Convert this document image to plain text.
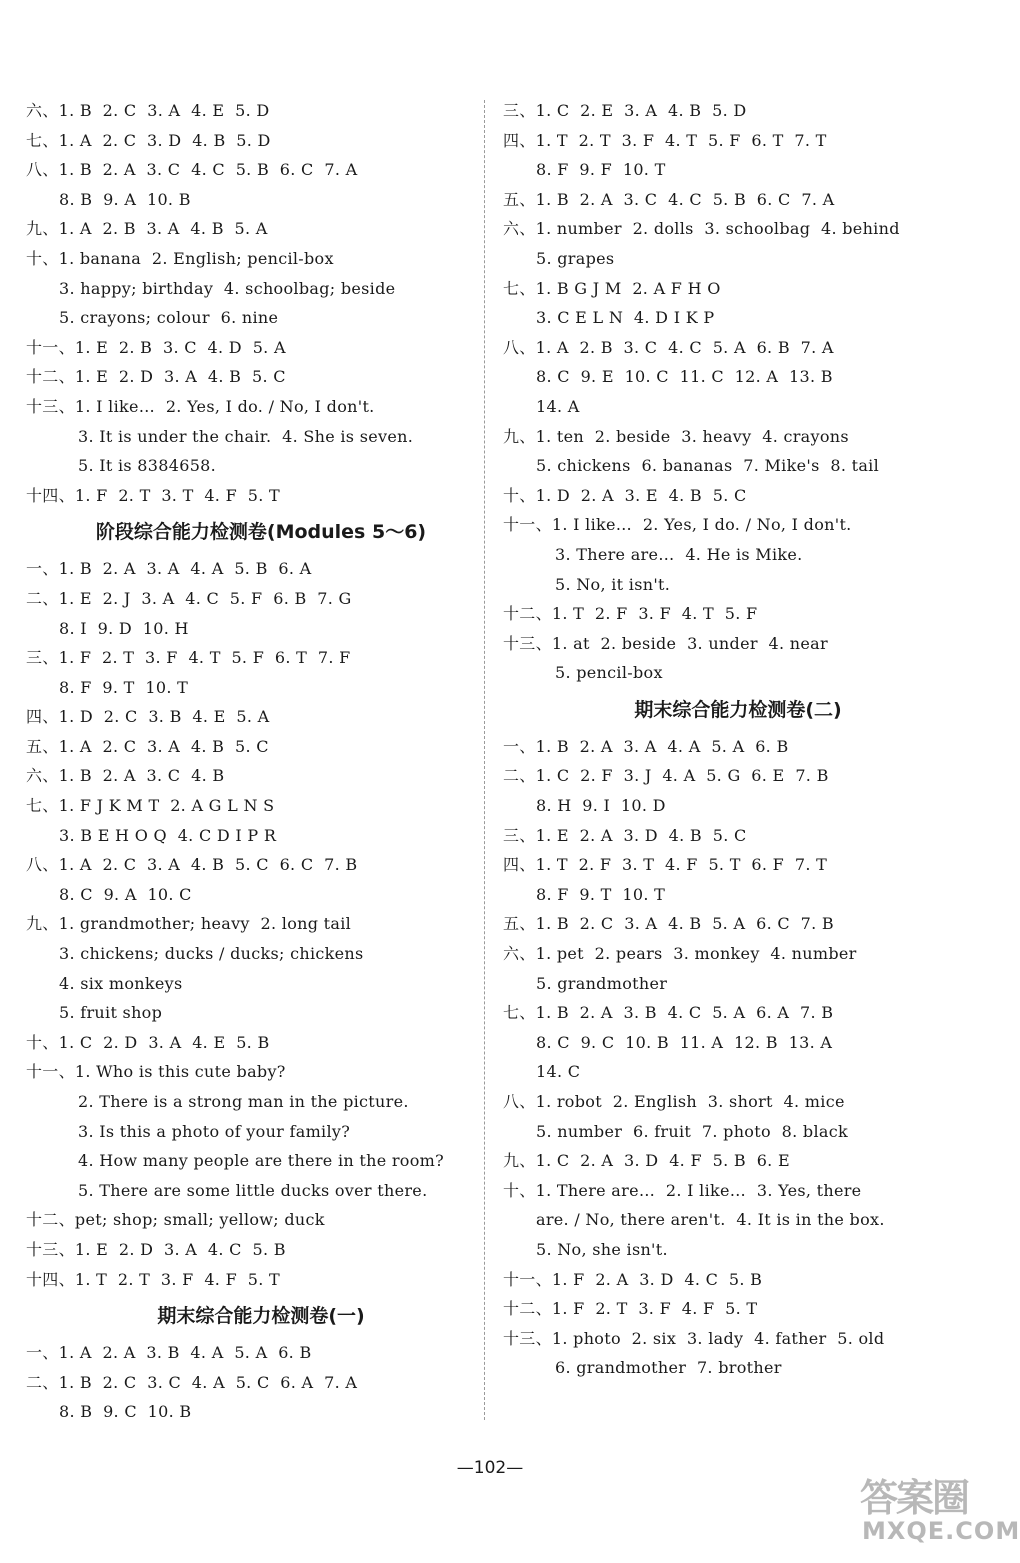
六、1. B  2. C  3. A  4. E  5. D
七、1. A  2. C  3. D  4. B  5. D
八、1. B  2. A  3. C  4. C  5. B  6. C  7. A
8. B  9. A  10. B
九、1. A  2. B  3. A  4. B  5. A
十、1. banana  2. English; pencil-box
3. happy; birthday  4. schoolbag; beside
5. crayons; colour  6. nine
十一、1. E  2. B  3. C  4. D  5. A
十二、1. E  2. D  3. A  4. B  5. C
十三、1. I like…  2. Yes, I do. / No, I don't.
3. It is under the chair.  4. She is seven.
5. It is 8384658.
十四、1. F  2. T  3. T  4. F  5. T
阶段综合能力检测卷(Modules 5～6)
一、1. B  2. A  3. A  4. A  5. B  6. A
二、1. E  2. J  3. A  4. C  5. F  6. B  7. G
8. I  9. D  10. H
三、1. F  2. T  3. F  4. T  5. F  6. T  7. F
8. F  9. T  10. T
四、1. D  2. C  3. B  4. E  5. A
五、1. A  2. C  3. A  4. B  5. C
六、1. B  2. A  3. C  4. B
七、1. F J K M T  2. A G L N S
3. B E H O Q  4. C D I P R
八、1. A  2. C  3. A  4. B  5. C  6. C  7. B
8. C  9. A  10. C
九、1. grandmother; heavy  2. long tail
3. chickens; ducks / ducks; chickens
4. six monkeys
5. fruit shop
十、1. C  2. D  3. A  4. E  5. B
十一、1. Who is this cute baby?
2. There is a strong man in the picture.
3. Is this a photo of your family?
4. How many people are there in the room?
5. There are some little ducks over there.
十二、pet; shop; small; yellow; duck
十三、1. E  2. D  3. A  4. C  5. B
十四、1. T  2. T  3. F  4. F  5. T
期末综合能力检测卷(一)
一、1. A  2. A  3. B  4. A  5. A  6. B
二、1. B  2. C  3. C  4. A  5. C  6. A  7. A
8. B  9. C  10. B
三、1. C  2. E  3. A  4. B  5. D
四、1. T  2. T  3. F  4. T  5. F  6. T  7. T
8. F  9. F  10. T
五、1. B  2. A  3. C  4. C  5. B  6. C  7. A
六、1. number  2. dolls  3. schoolbag  4. behind
5. grapes
七、1. B G J M  2. A F H O
3. C E L N  4. D I K P
八、1. A  2. B  3. C  4. C  5. A  6. B  7. A
8. C  9. E  10. C  11. C  12. A  13. B
14. A
九、1. ten  2. beside  3. heavy  4. crayons
5. chickens  6. bananas  7. Mike's  8. tail
十、1. D  2. A  3. E  4. B  5. C
十一、1. I like…  2. Yes, I do. / No, I don't.
3. There are…  4. He is Mike.
5. No, it isn't.
十二、1. T  2. F  3. F  4. T  5. F
十三、1. at  2. beside  3. under  4. near
5. pencil-box
期末综合能力检测卷(二)
一、1. B  2. A  3. A  4. A  5. A  6. B
二、1. C  2. F  3. J  4. A  5. G  6. E  7. B
8. H  9. I  10. D
三、1. E  2. A  3. D  4. B  5. C
四、1. T  2. F  3. T  4. F  5. T  6. F  7. T
8. F  9. T  10. T
五、1. B  2. C  3. A  4. B  5. A  6. C  7. B
六、1. pet  2. pears  3. monkey  4. number
5. grandmother
七、1. B  2. A  3. B  4. C  5. A  6. A  7. B
8. C  9. C  10. B  11. A  12. B  13. A
14. C
八、1. robot  2. English  3. short  4. mice
5. number  6. fruit  7. photo  8. black
九、1. C  2. A  3. D  4. F  5. B  6. E
十、1. There are…  2. I like…  3. Yes, there
are. / No, there aren't.  4. It is in the box.
5. No, she isn't.
十一、1. F  2. A  3. D  4. C  5. B
十二、1. F  2. T  3. F  4. F  5. T
十三、1. photo  2. six  3. lady  4. father  5. old
6. grandmother  7. brother
—102—
答案圈
MXQE.COM
